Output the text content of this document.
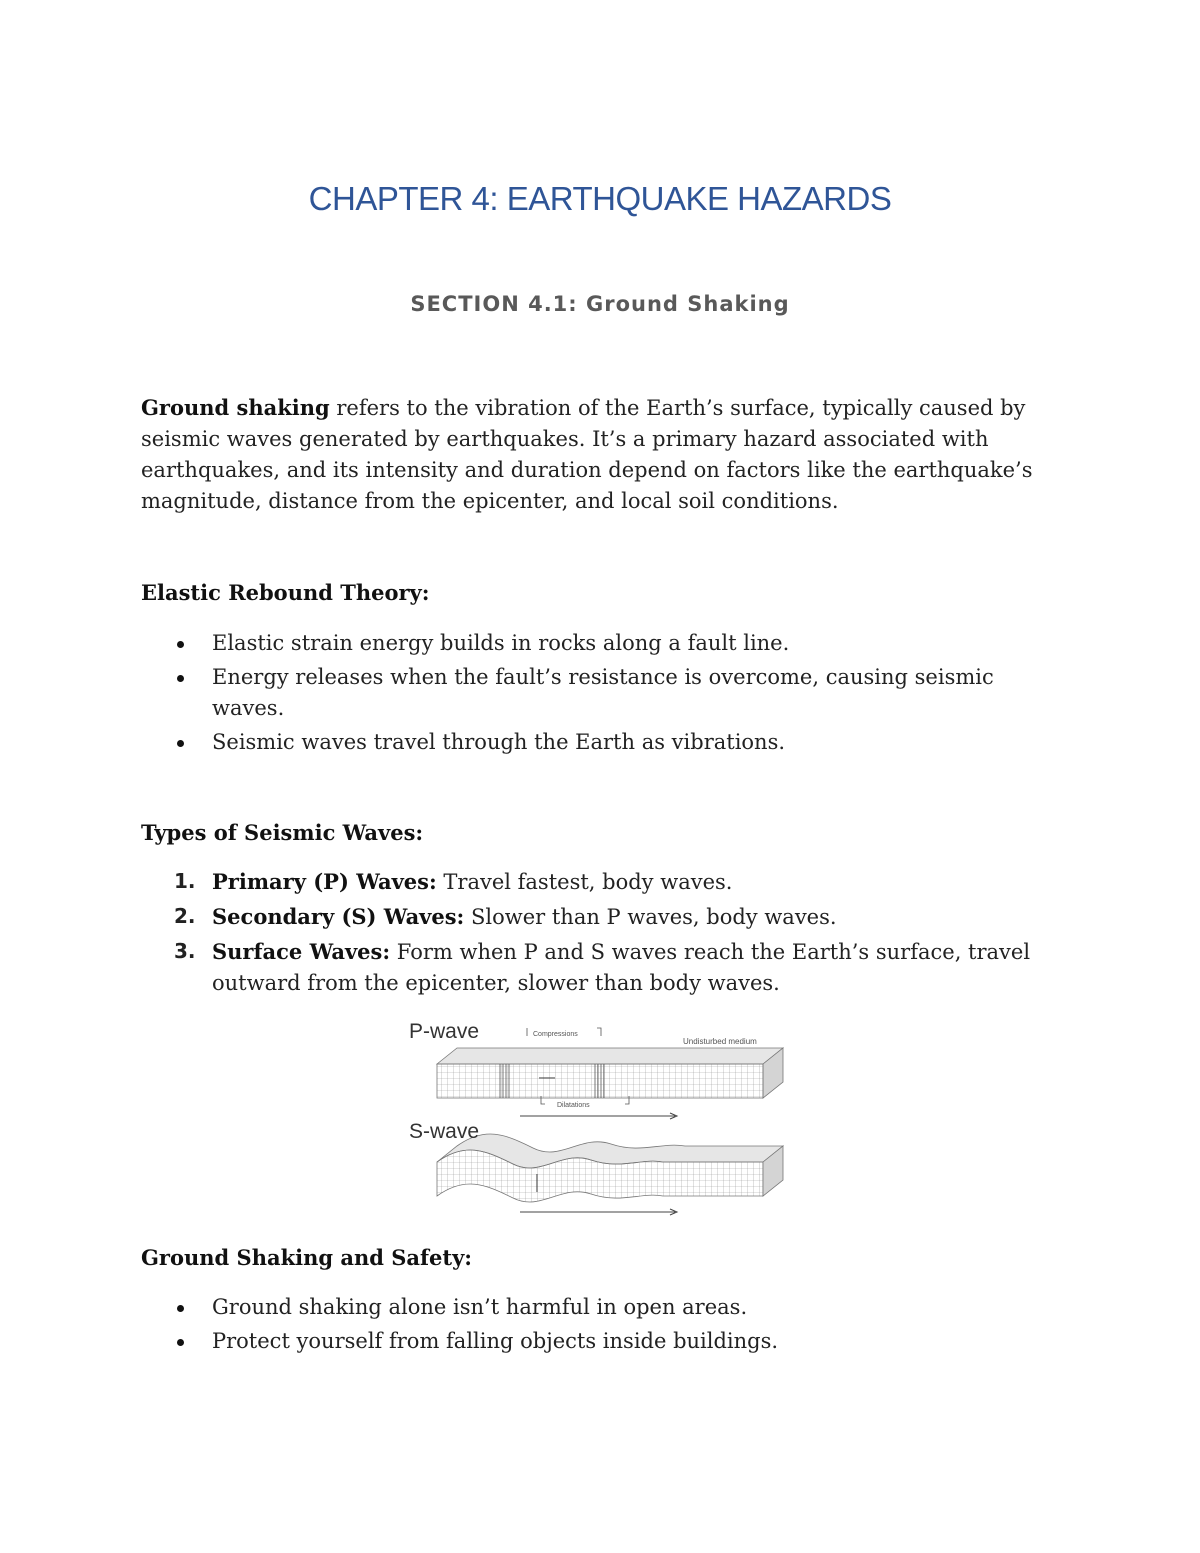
CHAPTER 4: EARTHQUAKE HAZARDS
SECTION 4.1: Ground Shaking

Ground shaking refers to the vibration of the Earth’s surface, typically caused by seismic waves generated by earthquakes. It’s a primary hazard associated with earthquakes, and its intensity and duration depend on factors like the earthquake’s magnitude, distance from the epicenter, and local soil conditions.

Elastic Rebound Theory:
Elastic strain energy builds in rocks along a fault line.
Energy releases when the fault’s resistance is overcome, causing seismic waves.
Seismic waves travel through the Earth as vibrations.
Types of Seismic Waves:
1. Primary (P) Waves: Travel fastest, body waves.
2. Secondary (S) Waves: Slower than P waves, body waves.
3. Surface Waves: Form when P and S waves reach the Earth’s surface, travel outward from the epicenter, slower than body waves.
P-wave	Compressions
Undisturbed medium
Dilatations
S-wave
Ground Shaking and Safety:
Ground shaking alone isn’t harmful in open areas.
Protect yourself from falling objects inside buildings.
